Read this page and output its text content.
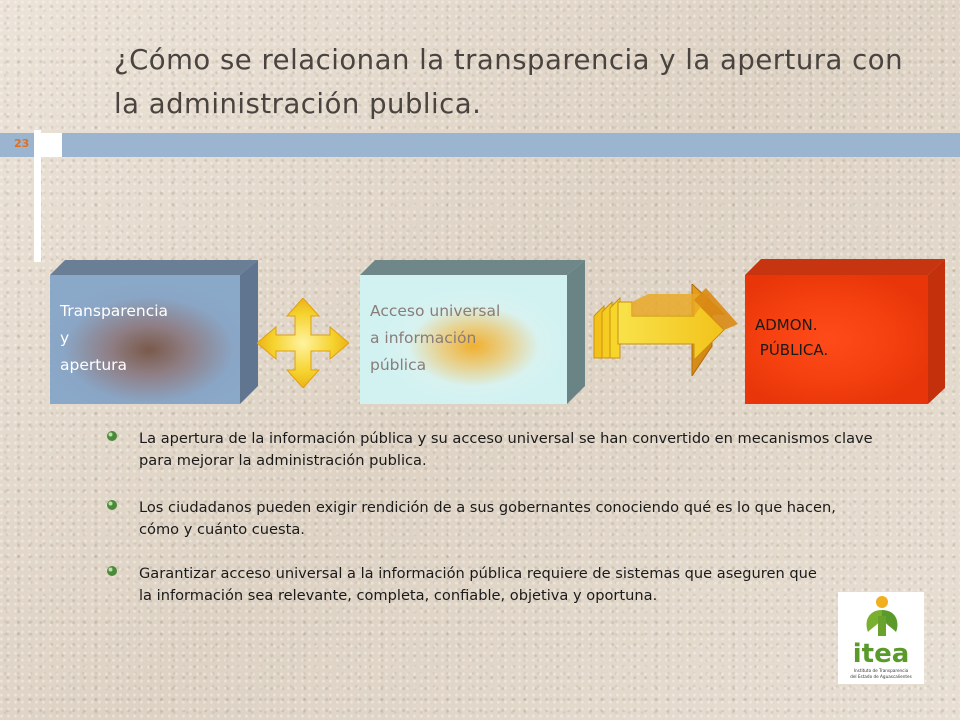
¿Cómo se relacionan la transparencia y la apertura con la administración publica.
23
Transparencia
y
apertura
Acceso universal
a información
pública
ADMON.
PÚBLICA.
La apertura de la información pública y su acceso universal se han convertido en mecanismos clave para mejorar la administración publica.
Los ciudadanos pueden exigir rendición de a sus gobernantes conociendo qué es lo que hacen, cómo y cuánto cuesta.
Garantizar acceso universal a la información pública requiere de sistemas que aseguren que la información sea relevante, completa, confiable, objetiva y oportuna.
itea
Instituto de Transparencia
del Estado de Aguascalientes
